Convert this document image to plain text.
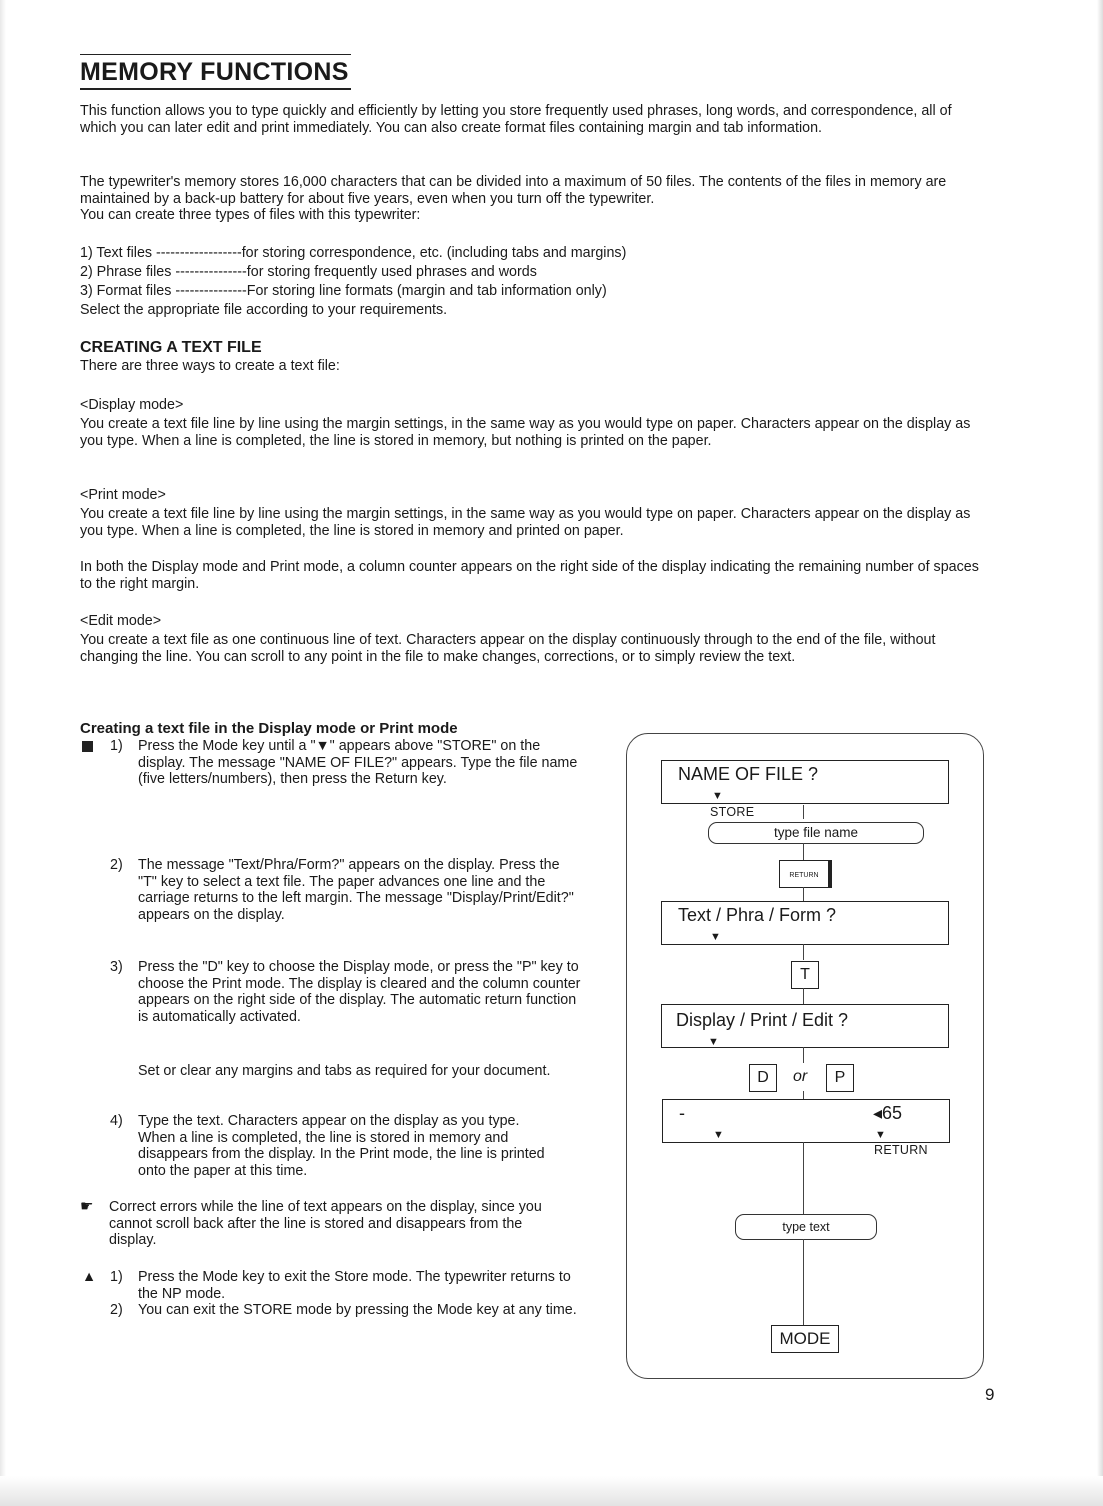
MEMORY FUNCTIONS

This function allows you to type quickly and efficiently by letting you store frequently used phrases, long words, and correspondence, all of which you can later edit and print immediately. You can also create format files containing margin and tab information.

The typewriter's memory stores 16,000 characters that can be divided into a maximum of 50 files. The contents of the files in memory are maintained by a back-up battery for about five years, even when you turn off the typewriter.

You can create three types of files with this typewriter:

1) Text files ------------------for storing correspondence, etc. (including tabs and margins)

2) Phrase files ---------------for storing frequently used phrases and words

3) Format files ---------------For storing line formats (margin and tab information only)

Select the appropriate file according to your requirements.

CREATING A TEXT FILE

There are three ways to create a text file:

<Display mode>

You create a text file line by line using the margin settings, in the same way as you would type on paper. Characters appear on the display as you type. When a line is completed, the line is stored in memory, but nothing is printed on the paper.

<Print mode>

You create a text file line by line using the margin settings, in the same way as you would type on paper. Characters appear on the display as you type. When a line is completed, the line is stored in memory and printed on paper.

In both the Display mode and Print mode, a column counter appears on the right side of the display indicating the remaining number of spaces to the right margin.

<Edit mode>

You create a text file as one continuous line of text. Characters appear on the display continuously through to the end of the file, without changing the line. You can scroll to any point in the file to make changes, corrections, or to simply review the text.

Creating a text file in the Display mode or Print mode

1) Press the Mode key until a "▼" appears above "STORE" on the display. The message "NAME OF FILE?" appears. Type the file name (five letters/numbers), then press the Return key.

2) The message "Text/Phra/Form?" appears on the display. Press the "T" key to select a text file. The paper advances one line and the carriage returns to the left margin. The message "Display/Print/Edit?" appears on the display.

3) Press the "D" key to choose the Display mode, or press the "P" key to choose the Print mode. The display is cleared and the column counter appears on the right side of the display. The automatic return function is automatically activated.

Set or clear any margins and tabs as required for your document.

4) Type the text. Characters appear on the display as you type. When a line is completed, the line is stored in memory and disappears from the display. In the Print mode, the line is printed onto the paper at this time.

☛ Correct errors while the line of text appears on the display, since you cannot scroll back after the line is stored and disappears from the display.

▲ 1) Press the Mode key to exit the Store mode. The typewriter returns to the NP mode.

2) You can exit the STORE mode by pressing the Mode key at any time.

NAME OF FILE ?
▼
STORE
type file name
RETURN
Text / Phra / Form ?
▼
T
Display / Print / Edit ?
▼
D	or	P
-	◂65
▼	▼
RETURN
type text
MODE
9
